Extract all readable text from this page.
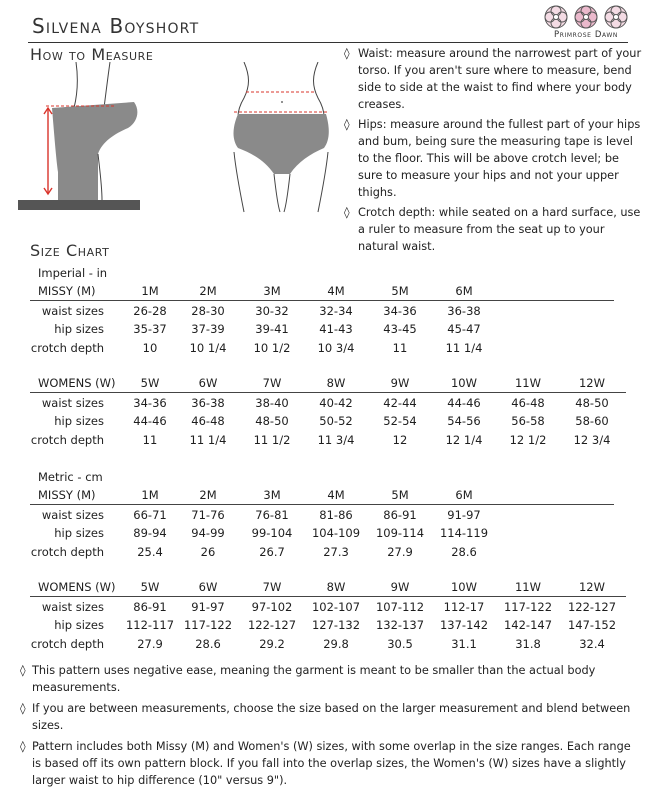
Silvena Boyshort	Primrose Dawn
How to Measure	◊ Waist: measure around the narrowest part of your torso. If you aren't sure where to measure, bend side to side at the waist to find where your body creases.
◊ Hips: measure around the fullest part of your hips and bum, being sure the measuring tape is level to the floor. This will be above crotch level; be sure to measure your hips and not your upper thighs.
◊ Crotch depth: while seated on a hard surface, use a ruler to measure from the seat up to your natural waist.
Size Chart
Imperial - in
Metric - cm
MISSY (M)	1M	2M	3M	4M	5M	6M
waist sizes	26-28	28-30	30-32	32-34	34-36	36-38
hip sizes	35-37	37-39	39-41	41-43	43-45	45-47
crotch depth	10	10 1/4	10 1/2	10 3/4	11	11 1/4
WOMENS (W)	5W	6W	7W	8W	9W	10W	11W	12W
waist sizes	34-36	36-38	38-40	40-42	42-44	44-46	46-48	48-50
hip sizes	44-46	46-48	48-50	50-52	52-54	54-56	56-58	58-60
crotch depth	11	11 1/4	11 1/2	11 3/4	12	12 1/4	12 1/2	12 3/4
MISSY (M)	1M	2M	3M	4M	5M	6M
waist sizes	66-71	71-76	76-81	81-86	86-91	91-97
hip sizes	89-94	94-99	99-104	104-109	109-114	114-119
crotch depth	25.4	26	26.7	27.3	27.9	28.6
WOMENS (W)	5W	6W	7W	8W	9W	10W	11W	12W
waist sizes	86-91	91-97	97-102	102-107	107-112	112-17	117-122	122-127
hip sizes	112-117 117-122	122-127	127-132	132-137	137-142	142-147	147-152
crotch depth	27.9	28.6	29.2	29.8	30.5	31.1	31.8	32.4
◊ This pattern uses negative ease, meaning the garment is meant to be smaller than the actual body measurements.
◊ If you are between measurements, choose the size based on the larger measurement and blend between sizes.
◊ Pattern includes both Missy (M) and Women's (W) sizes, with some overlap in the size ranges. Each range is based off its own pattern block. If you fall into the overlap sizes, the Women's (W) sizes have a slightly larger waist to hip difference (10" versus 9").
